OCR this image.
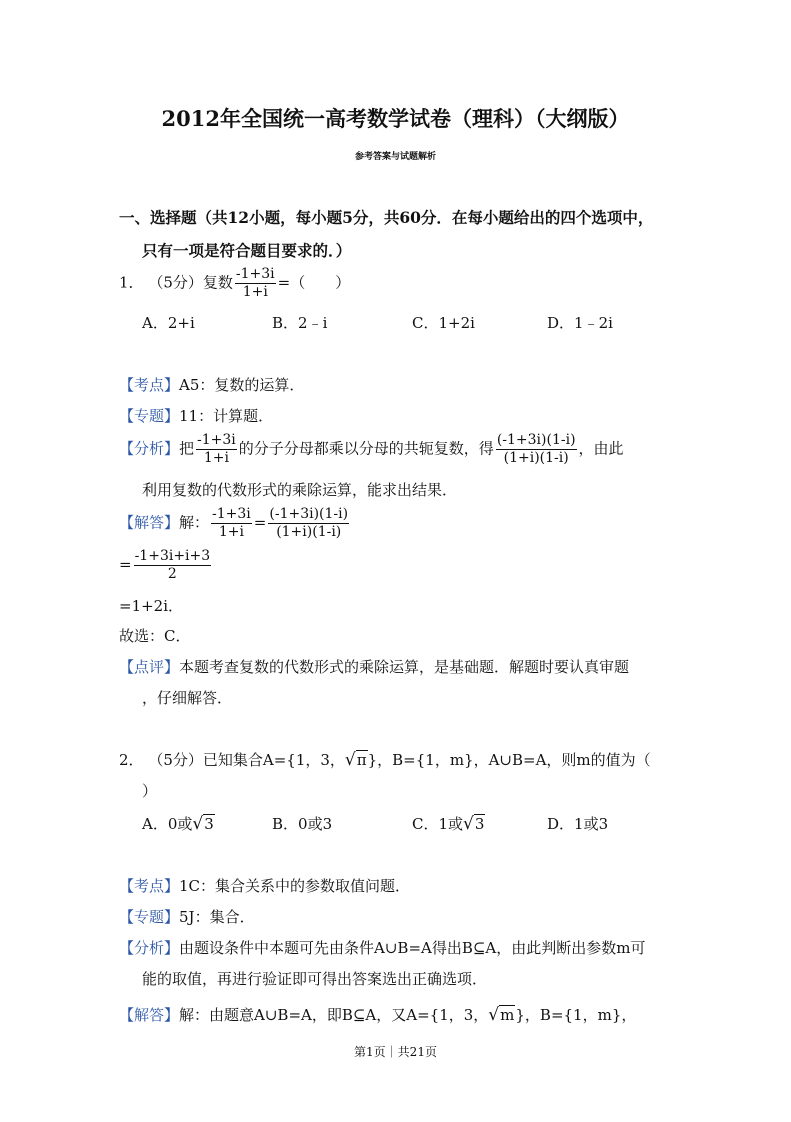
2012年全国统一高考数学试卷（理科）（大纲版）
参考答案与试题解析
一、选择题（共12小题，每小题5分，共60分．在每小题给出的四个选项中，
只有一项是符合题目要求的．）
1． （5分）复数 $\frac{-1+3i}{1+i}$ =（　　）
A．2+i	B．2﹣i	C．1+2i	D．1﹣2i
【考点】A5：复数的运算．
【专题】11：计算题．
【分析】把 $\frac{-1+3i}{1+i}$ 的分子分母都乘以分母的共轭复数，得 $\frac{(-1+3i)(1-i)}{(1+i)(1-i)}$ ，由此
利用复数的代数形式的乘除运算，能求出结果．
【解答】解： $\frac{-1+3i}{1+i} = \frac{(-1+3i)(1-i)}{(1+i)(1-i)}$
= $\frac{-1+3i+i+3}{2}$
=1+2i．
故选：C．
【点评】本题考查复数的代数形式的乘除运算，是基础题．解题时要认真审题
，仔细解答．
2． （5分）已知集合A={1，3，√π}，B={1，m}，A∪B=A，则m的值为（
）
A．0或√3	B．0或3	C．1或√3	D．1或3
【考点】1C：集合关系中的参数取值问题．
【专题】5J：集合．
【分析】由题设条件中本题可先由条件A∪B=A得出B⊆A，由此判断出参数m可
能的取值，再进行验证即可得出答案选出正确选项．
【解答】解：由题意A∪B=A，即B⊆A，又A={1，3，√m}，B={1，m}，
第1页｜共21页
